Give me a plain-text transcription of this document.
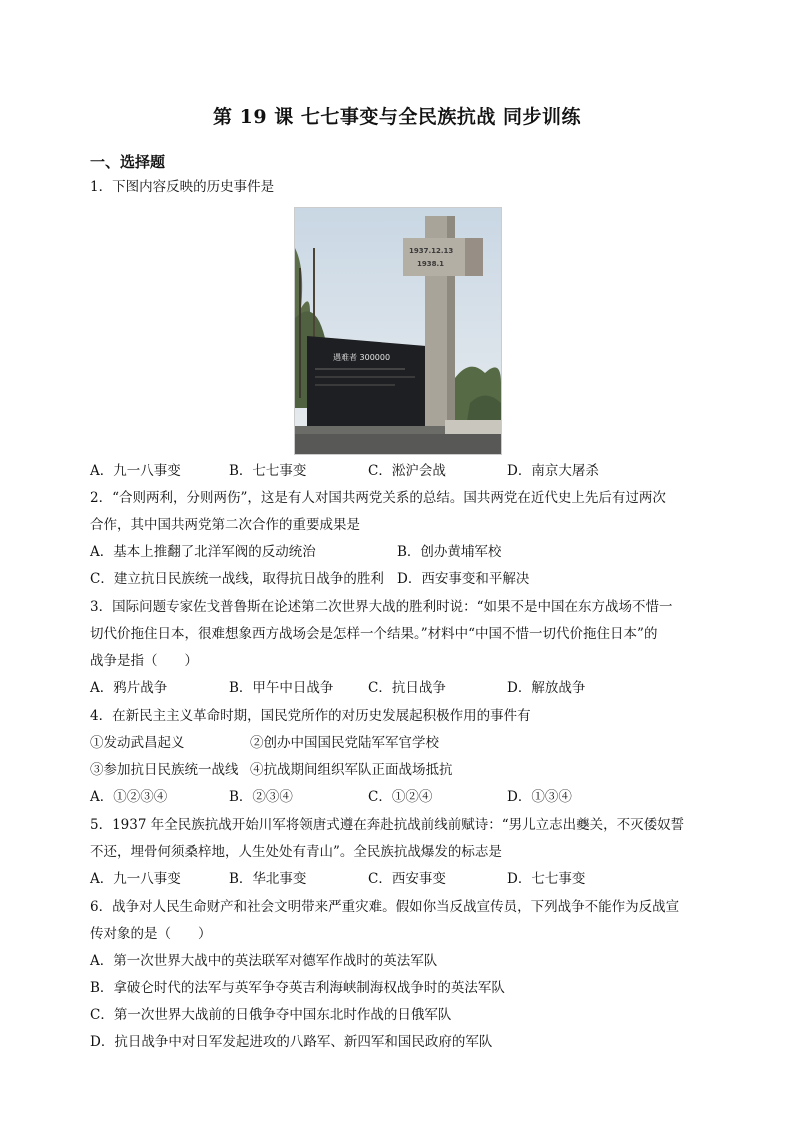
第 19 课 七七事变与全民族抗战 同步训练
一、选择题
1．下图内容反映的历史事件是
遇难者 300000
1937.12.13
1938.1
A．九一八事变	B．七七事变	C．淞沪会战	D．南京大屠杀
2．“合则两利，分则两伤”，这是有人对国共两党关系的总结。国共两党在近代史上先后有过两次
合作，其中国共两党第二次合作的重要成果是
A．基本上推翻了北洋军阀的反动统治	B．创办黄埔军校
C．建立抗日民族统一战线，取得抗日战争的胜利 D．西安事变和平解决
3．国际问题专家佐戈普鲁斯在论述第二次世界大战的胜利时说：“如果不是中国在东方战场不惜一
切代价拖住日本，很难想象西方战场会是怎样一个结果。”材料中“中国不惜一切代价拖住日本”的
战争是指（　　）
A．鸦片战争	B．甲午中日战争	C．抗日战争	D．解放战争
4．在新民主主义革命时期，国民党所作的对历史发展起积极作用的事件有
①发动武昌起义	②创办中国国民党陆军军官学校
③参加抗日民族统一战线 ④抗战期间组织军队正面战场抵抗
A．①②③④	B．②③④	C．①②④	D．①③④
5．1937 年全民族抗战开始川军将领唐式遵在奔赴抗战前线前赋诗：“男儿立志出夔关，不灭倭奴誓
不还，埋骨何须桑梓地，人生处处有青山”。全民族抗战爆发的标志是
A．九一八事变	B．华北事变	C．西安事变	D．七七事变
6．战争对人民生命财产和社会文明带来严重灾难。假如你当反战宣传员，下列战争不能作为反战宣
传对象的是（　　）
A．第一次世界大战中的英法联军对德军作战时的英法军队
B．拿破仑时代的法军与英军争夺英吉利海峡制海权战争时的英法军队
C．第一次世界大战前的日俄争夺中国东北时作战的日俄军队
D．抗日战争中对日军发起进攻的八路军、新四军和国民政府的军队
